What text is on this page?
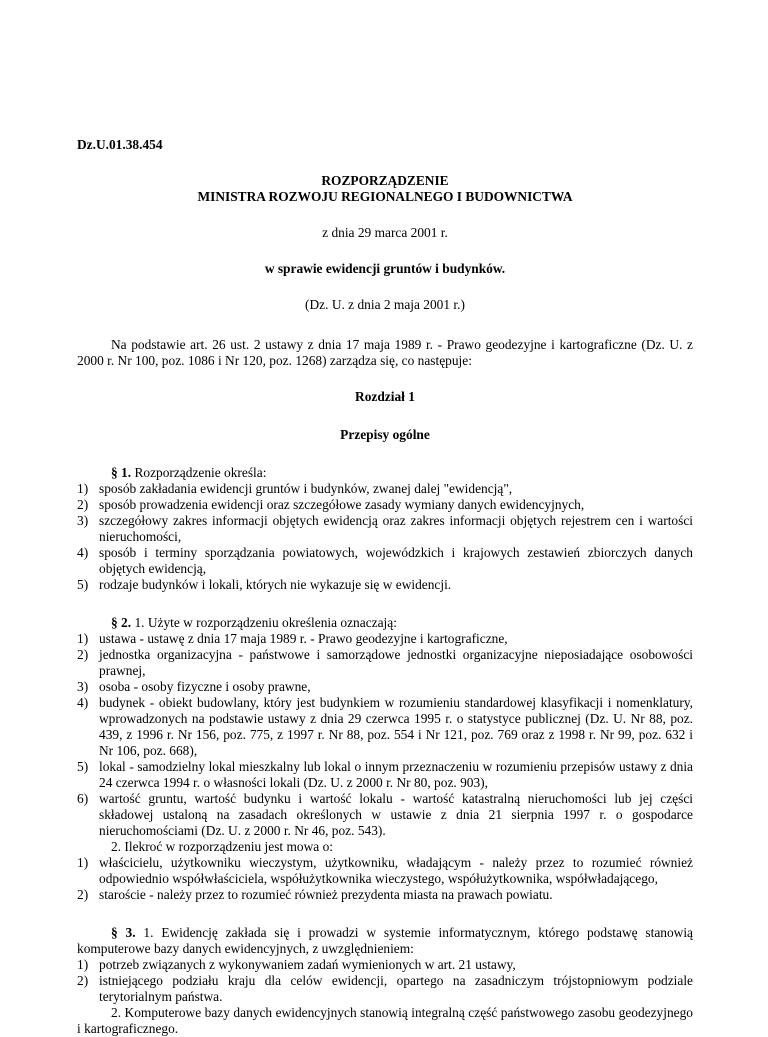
Dz.U.01.38.454
ROZPORZĄDZENIE
MINISTRA ROZWOJU REGIONALNEGO I BUDOWNICTWA
z dnia 29 marca 2001 r.
w sprawie ewidencji gruntów i budynków.
(Dz. U. z dnia 2 maja 2001 r.)
Na podstawie art. 26 ust. 2 ustawy z dnia 17 maja 1989 r. - Prawo geodezyjne i kartograficzne (Dz. U. z 2000 r. Nr 100, poz. 1086 i Nr 120, poz. 1268) zarządza się, co następuje:
Rozdział 1
Przepisy ogólne
§ 1. Rozporządzenie określa:
1) sposób zakładania ewidencji gruntów i budynków, zwanej dalej "ewidencją",
2) sposób prowadzenia ewidencji oraz szczegółowe zasady wymiany danych ewidencyjnych,
3) szczegółowy zakres informacji objętych ewidencją oraz zakres informacji objętych rejestrem cen i wartości nieruchomości,
4) sposób i terminy sporządzania powiatowych, wojewódzkich i krajowych zestawień zbiorczych danych objętych ewidencją,
5) rodzaje budynków i lokali, których nie wykazuje się w ewidencji.
§ 2. 1. Użyte w rozporządzeniu określenia oznaczają:
1) ustawa - ustawę z dnia 17 maja 1989 r. - Prawo geodezyjne i kartograficzne,
2) jednostka organizacyjna - państwowe i samorządowe jednostki organizacyjne nieposiadające osobowości prawnej,
3) osoba - osoby fizyczne i osoby prawne,
4) budynek - obiekt budowlany, który jest budynkiem w rozumieniu standardowej klasyfikacji i nomenklatury, wprowadzonych na podstawie ustawy z dnia 29 czerwca 1995 r. o statystyce publicznej (Dz. U. Nr 88, poz. 439, z 1996 r. Nr 156, poz. 775, z 1997 r. Nr 88, poz. 554 i Nr 121, poz. 769 oraz z 1998 r. Nr 99, poz. 632 i Nr 106, poz. 668),
5) lokal - samodzielny lokal mieszkalny lub lokal o innym przeznaczeniu w rozumieniu przepisów ustawy z dnia 24 czerwca 1994 r. o własności lokali (Dz. U. z 2000 r. Nr 80, poz. 903),
6) wartość gruntu, wartość budynku i wartość lokalu - wartość katastralną nieruchomości lub jej części składowej ustaloną na zasadach określonych w ustawie z dnia 21 sierpnia 1997 r. o gospodarce nieruchomościami (Dz. U. z 2000 r. Nr 46, poz. 543).
2. Ilekroć w rozporządzeniu jest mowa o:
1) właścicielu, użytkowniku wieczystym, użytkowniku, władającym - należy przez to rozumieć również odpowiednio współwłaściciela, współużytkownika wieczystego, współużytkownika, współwładającego,
2) staroście - należy przez to rozumieć również prezydenta miasta na prawach powiatu.
§ 3. 1. Ewidencję zakłada się i prowadzi w systemie informatycznym, którego podstawę stanowią komputerowe bazy danych ewidencyjnych, z uwzględnieniem:
1) potrzeb związanych z wykonywaniem zadań wymienionych w art. 21 ustawy,
2) istniejącego podziału kraju dla celów ewidencji, opartego na zasadniczym trójstopniowym podziale terytorialnym państwa.
2. Komputerowe bazy danych ewidencyjnych stanowią integralną część państwowego zasobu geodezyjnego i kartograficznego.
